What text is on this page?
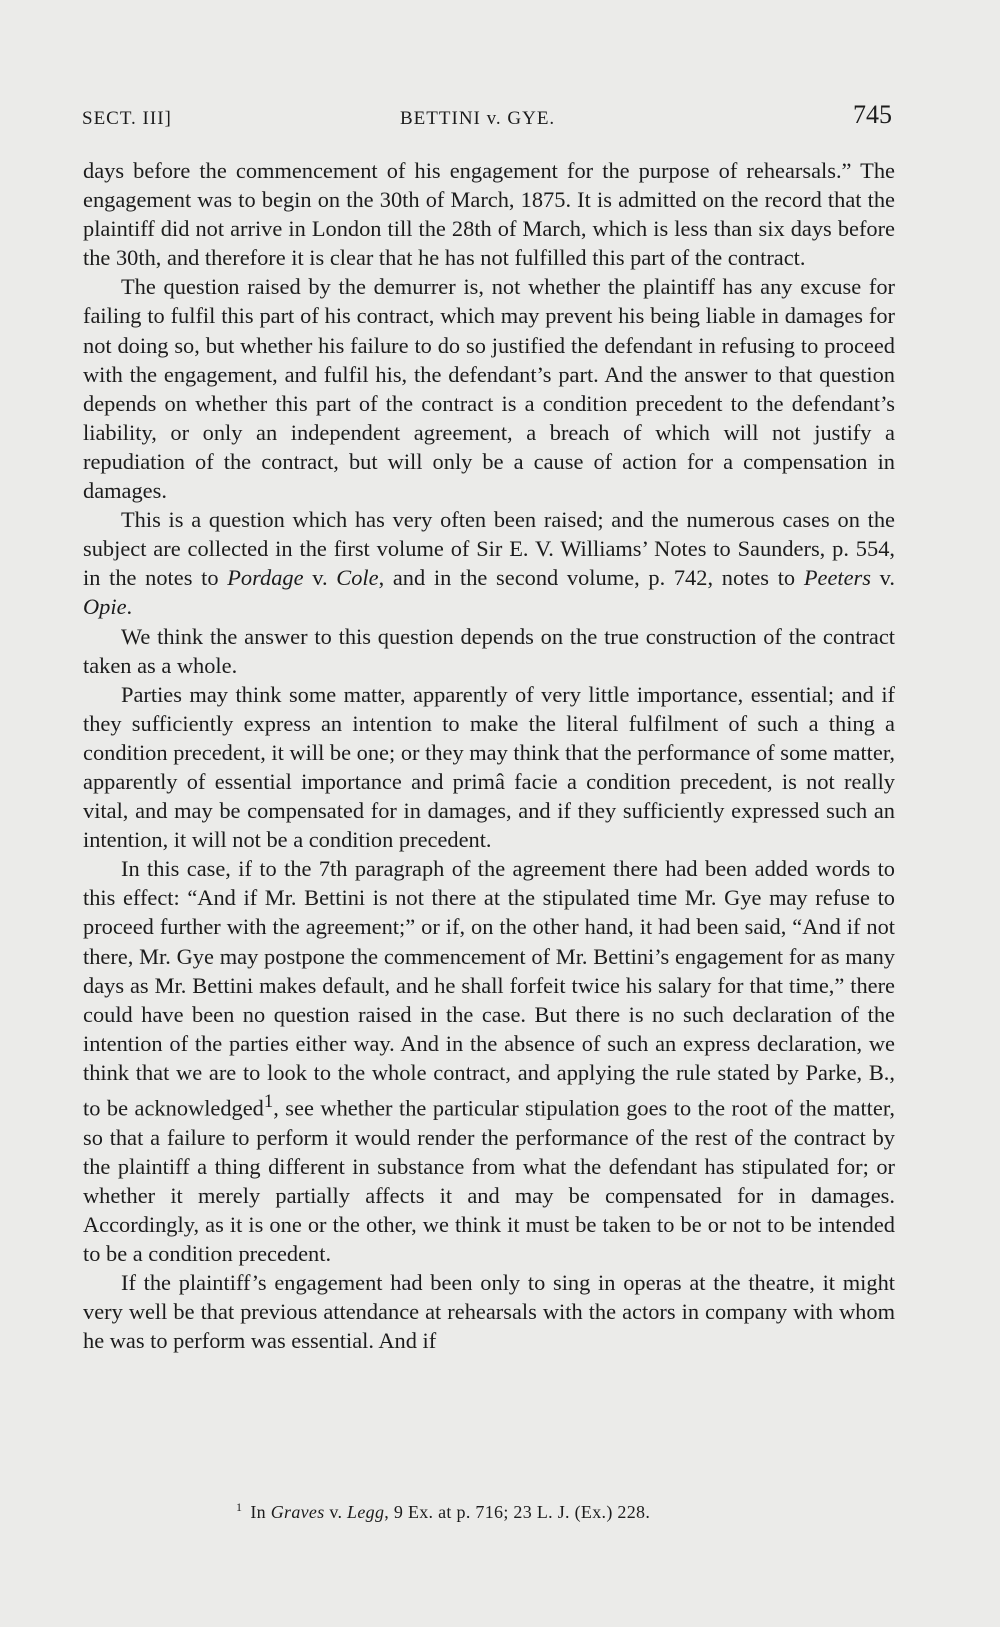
SECT. III]	BETTINI v. GYE.	745

days before the commencement of his engagement for the purpose of rehearsals.” The engagement was to begin on the 30th of March, 1875. It is admitted on the record that the plaintiff did not arrive in London till the 28th of March, which is less than six days before the 30th, and therefore it is clear that he has not fulfilled this part of the contract.

The question raised by the demurrer is, not whether the plaintiff has any excuse for failing to fulfil this part of his contract, which may prevent his being liable in damages for not doing so, but whether his failure to do so justified the defendant in refusing to proceed with the engagement, and fulfil his, the defendant’s part. And the answer to that question depends on whether this part of the contract is a condition precedent to the defendant’s liability, or only an independent agreement, a breach of which will not justify a repudiation of the contract, but will only be a cause of action for a compensation in damages.

This is a question which has very often been raised; and the numerous cases on the subject are collected in the first volume of Sir E. V. Williams’ Notes to Saunders, p. 554, in the notes to Pordage v. Cole, and in the second volume, p. 742, notes to Peeters v. Opie.

We think the answer to this question depends on the true construction of the contract taken as a whole.

Parties may think some matter, apparently of very little importance, essential; and if they sufficiently express an intention to make the literal fulfilment of such a thing a condition precedent, it will be one; or they may think that the performance of some matter, apparently of essential importance and primâ facie a condition precedent, is not really vital, and may be compensated for in damages, and if they sufficiently expressed such an intention, it will not be a condition precedent.

In this case, if to the 7th paragraph of the agreement there had been added words to this effect: “And if Mr. Bettini is not there at the stipulated time Mr. Gye may refuse to proceed further with the agreement;” or if, on the other hand, it had been said, “And if not there, Mr. Gye may postpone the commencement of Mr. Bettini’s engagement for as many days as Mr. Bettini makes default, and he shall forfeit twice his salary for that time,” there could have been no question raised in the case. But there is no such declaration of the intention of the parties either way. And in the absence of such an express declaration, we think that we are to look to the whole contract, and applying the rule stated by Parke, B., to be acknowledged$^1$, see whether the particular stipulation goes to the root of the matter, so that a failure to perform it would render the performance of the rest of the contract by the plaintiff a thing different in substance from what the defendant has stipulated for; or whether it merely partially affects it and may be compensated for in damages. Accordingly, as it is one or the other, we think it must be taken to be or not to be intended to be a condition precedent.

If the plaintiff’s engagement had been only to sing in operas at the theatre, it might very well be that previous attendance at rehearsals with the actors in company with whom he was to perform was essential. And if

$^1$ In Graves v. Legg, 9 Ex. at p. 716; 23 L. J. (Ex.) 228.
